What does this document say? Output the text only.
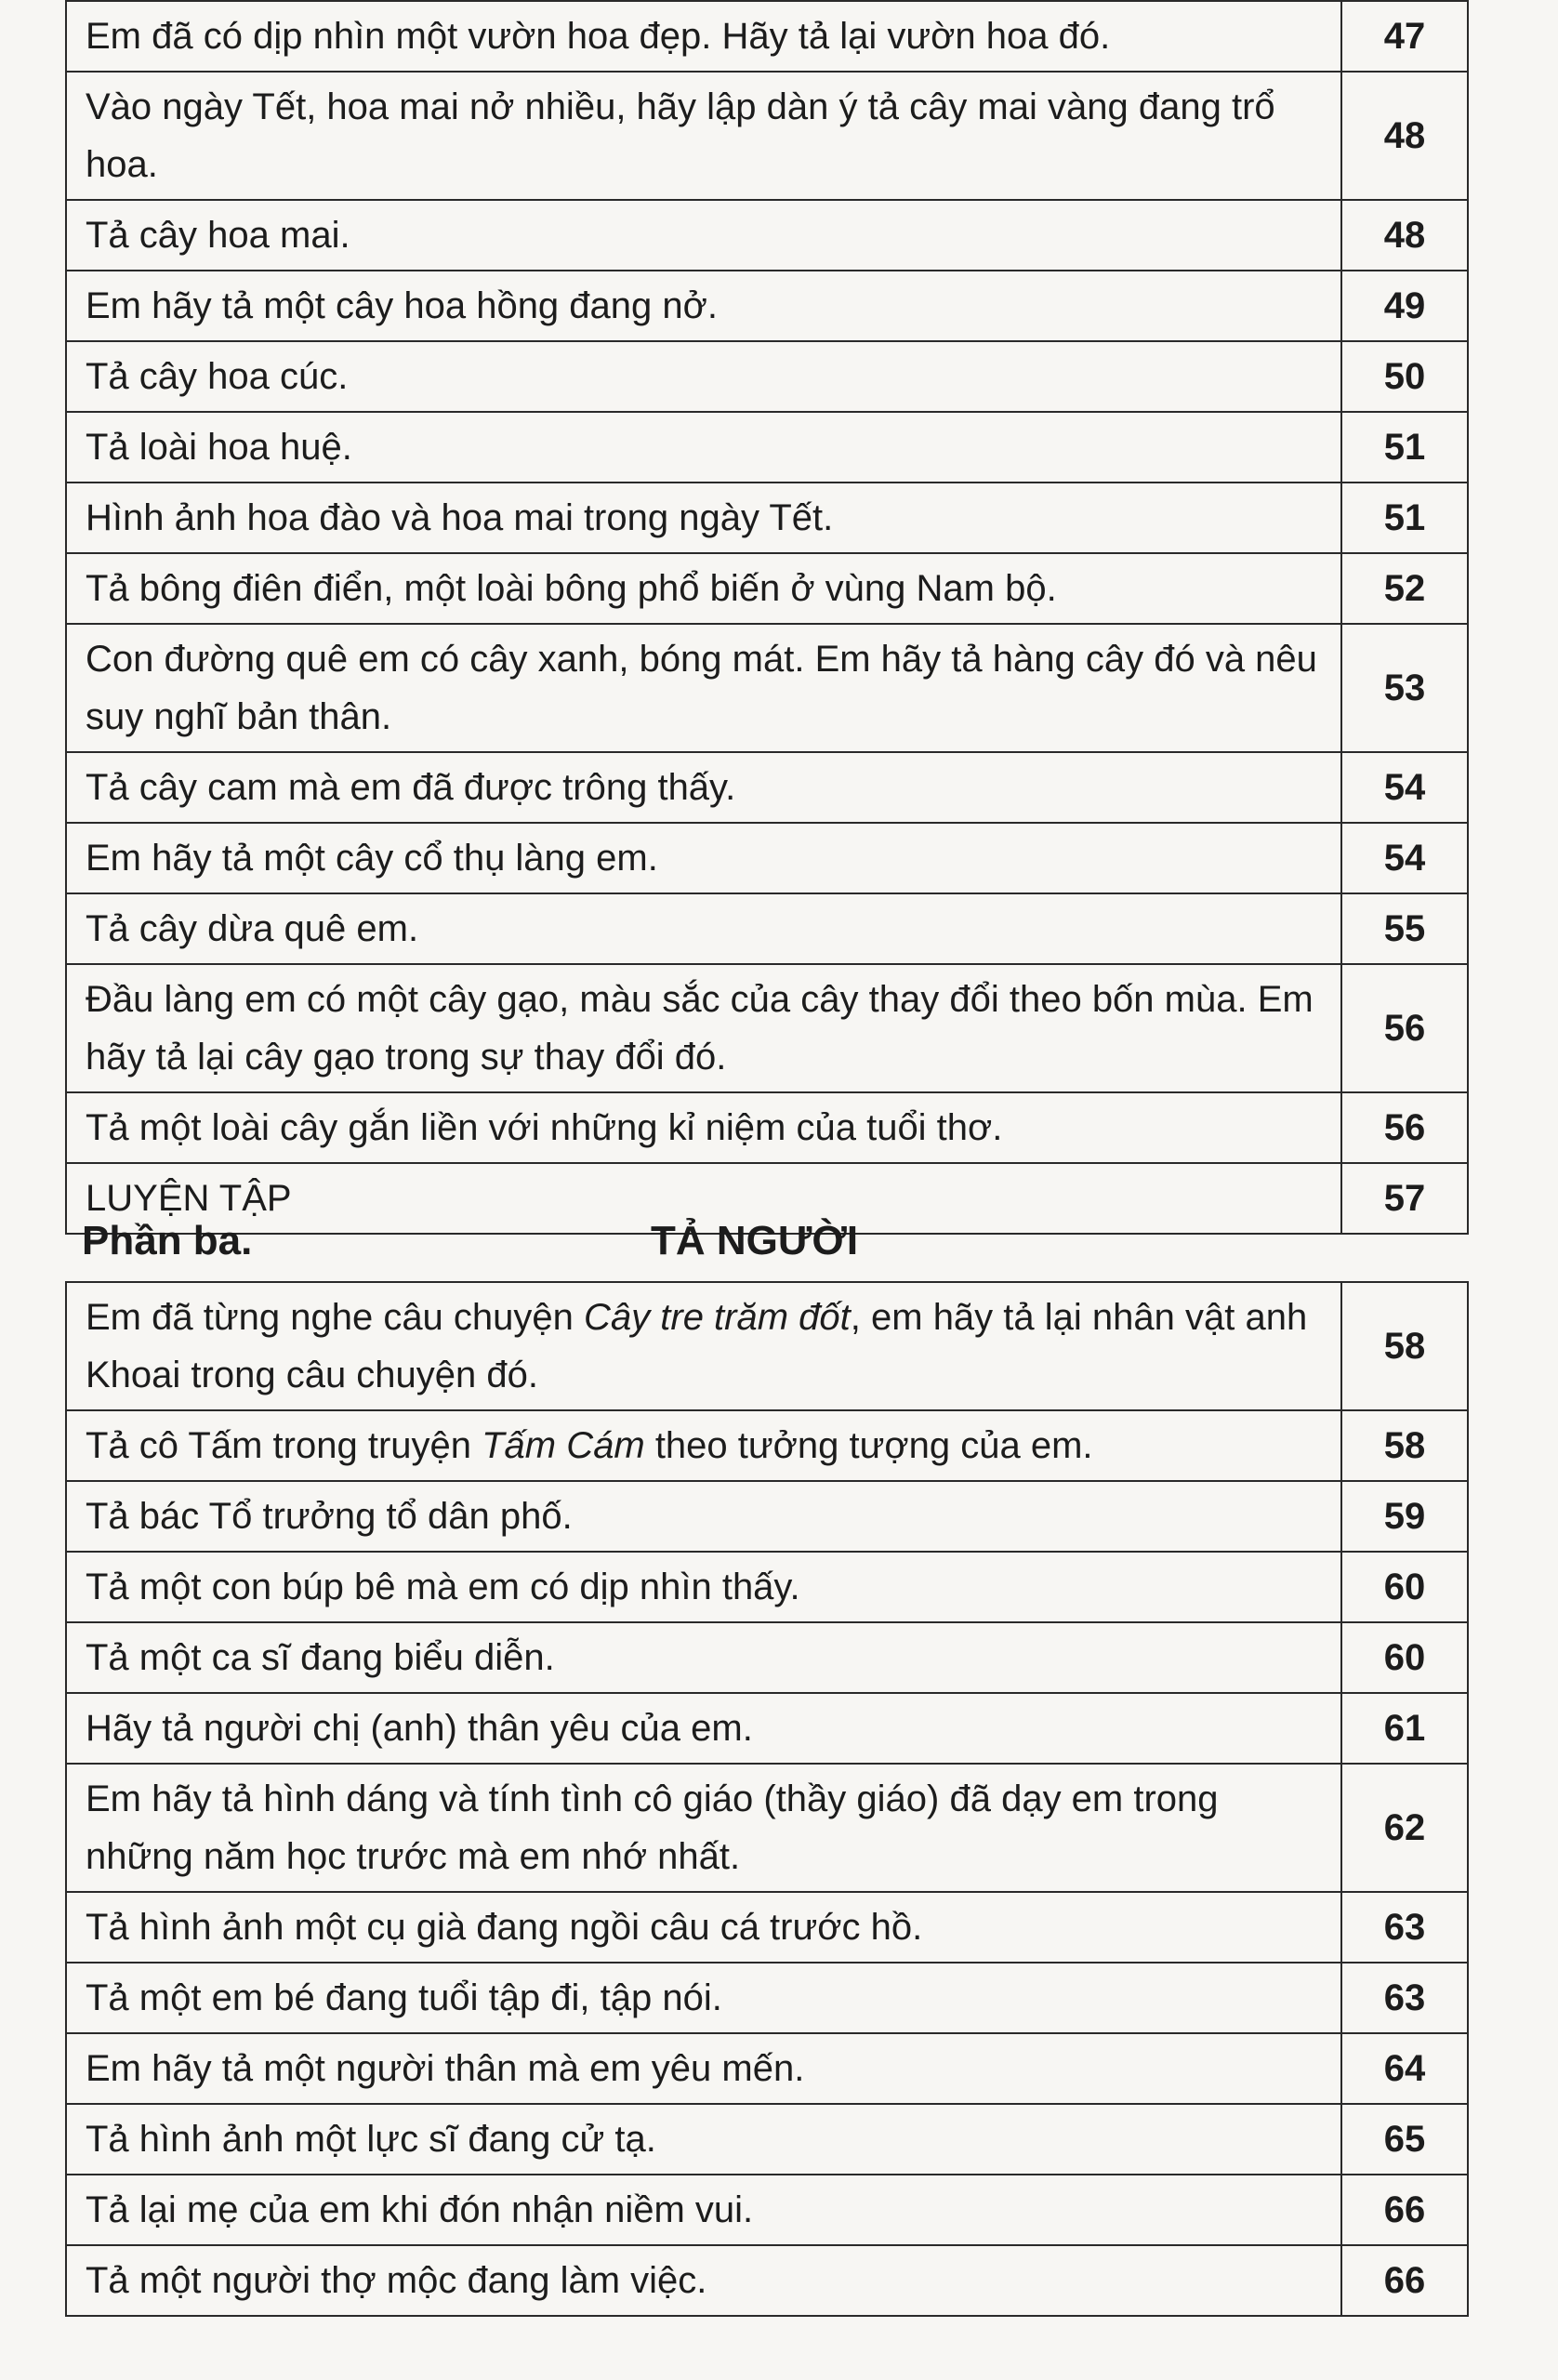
Em đã có dịp nhìn một vườn hoa đẹp. Hãy tả lại vườn hoa đó.	47
Vào ngày Tết, hoa mai nở nhiều, hãy lập dàn ý tả cây mai vàng đang trổ hoa.	48
Tả cây hoa mai.	48
Em hãy tả một cây hoa hồng đang nở.	49
Tả cây hoa cúc.	50
Tả loài hoa huệ.	51
Hình ảnh hoa đào và hoa mai trong ngày Tết.	51
Tả bông điên điển, một loài bông phổ biến ở vùng Nam bộ.	52
Con đường quê em có cây xanh, bóng mát. Em hãy tả hàng cây đó và nêu suy nghĩ bản thân.	53
Tả cây cam mà em đã được trông thấy.	54
Em hãy tả một cây cổ thụ làng em.	54
Tả cây dừa quê em.	55
Đầu làng em có một cây gạo, màu sắc của cây thay đổi theo bốn mùa. Em hãy tả lại cây gạo trong sự thay đổi đó.	56
Tả một loài cây gắn liền với những kỉ niệm của tuổi thơ.	56
LUYỆN TẬP	57
Phần ba.	TẢ NGƯỜI
Em đã từng nghe câu chuyện Cây tre trăm đốt, em hãy tả lại nhân vật anh Khoai trong câu chuyện đó.	58
Tả cô Tấm trong truyện Tấm Cám theo tưởng tượng của em.	58
Tả bác Tổ trưởng tổ dân phố.	59
Tả một con búp bê mà em có dịp nhìn thấy.	60
Tả một ca sĩ đang biểu diễn.	60
Hãy tả người chị (anh) thân yêu của em.	61
Em hãy tả hình dáng và tính tình cô giáo (thầy giáo) đã dạy em trong những năm học trước mà em nhớ nhất.	62
Tả hình ảnh một cụ già đang ngồi câu cá trước hồ.	63
Tả một em bé đang tuổi tập đi, tập nói.	63
Em hãy tả một người thân mà em yêu mến.	64
Tả hình ảnh một lực sĩ đang cử tạ.	65
Tả lại mẹ của em khi đón nhận niềm vui.	66
Tả một người thợ mộc đang làm việc.	66
